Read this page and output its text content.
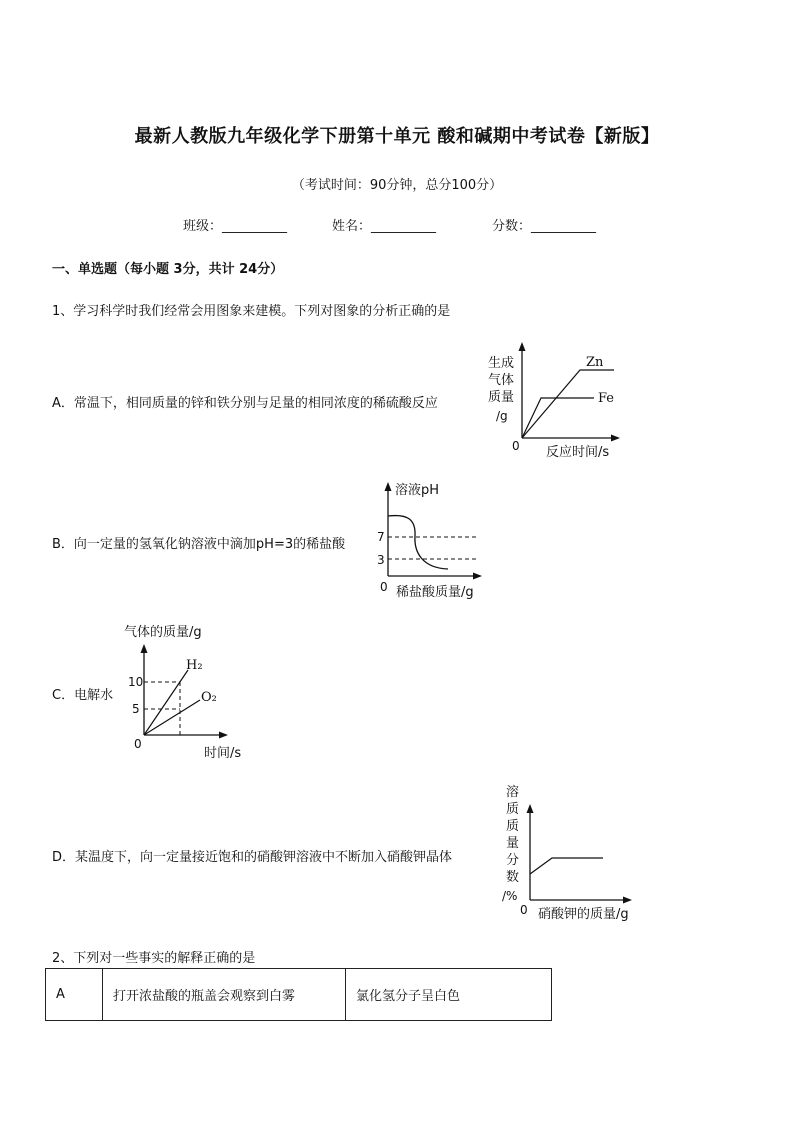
最新人教版九年级化学下册第十单元 酸和碱期中考试卷【新版】
（考试时间：90分钟，总分100分）
班级：__________	姓名：__________	分数：__________
一、单选题（每小题 3分，共计 24分）
1、学习科学时我们经常会用图象来建模。下列对图象的分析正确的是
A．常温下，相同质量的锌和铁分别与足量的相同浓度的稀硫酸反应
生成
气体
质量
/g
Zn
Fe
0 反应时间/s
B．向一定量的氢氧化钠溶液中滴加pH=3的稀盐酸
溶液pH
7
3
0 稀盐酸质量/g
C．电解水
气体的质量/g
H₂
O₂
10
5
0
时间/s
D．某温度下，向一定量接近饱和的硝酸钾溶液中不断加入硝酸钾晶体
溶
质
质
量
分
数
/%
0 硝酸钾的质量/g
2、下列对一些事实的解释正确的是
A	打开浓盐酸的瓶盖会观察到白雾	氯化氢分子呈白色
